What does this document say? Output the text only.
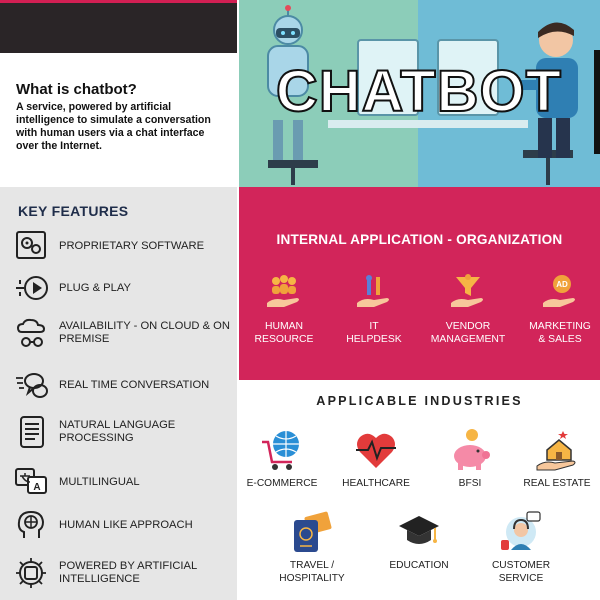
What is chatbot?
A service, powered by artificial intelligence to simulate a conversation with human users via a chat interface over the Internet.
CHATBOT
KEY FEATURES
PROPRIETARY SOFTWARE
PLUG & PLAY
AVAILABILITY - ON CLOUD & ON PREMISE
REAL TIME CONVERSATION
NATURAL LANGUAGE PROCESSING
A MULTILINGUAL
HUMAN LIKE APPROACH
POWERED BY ARTIFICIAL INTELLIGENCE
INTERNAL APPLICATION - ORGANIZATION
HUMAN
RESOURCE
IT
HELPDESK
VENDOR
MANAGEMENT
AD
MARKETING
& SALES
APPLICABLE INDUSTRIES
E-COMMERCE	HEALTHCARE	BFSI	REAL ESTATE
TRAVEL /
HOSPITALITY
EDUCATION	CUSTOMER
SERVICE
